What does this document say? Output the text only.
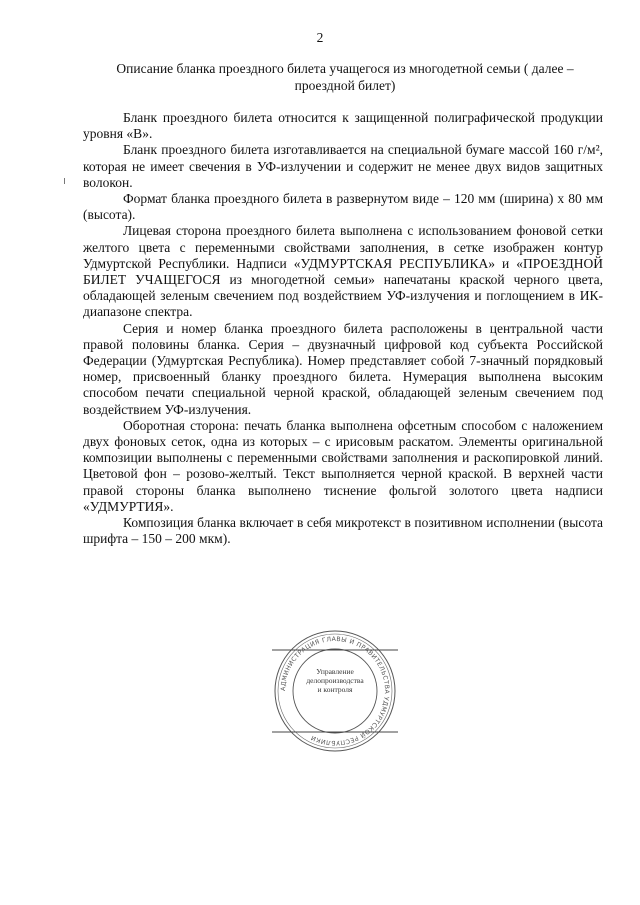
2
Описание бланка проездного билета учащегося из многодетной семьи ( далее – проездной билет)

Бланк проездного билета относится к защищенной полиграфической продукции уровня «В».

Бланк проездного билета изготавливается на специальной бумаге массой 160 г/м², которая не имеет свечения в УФ-излучении и содержит не менее двух видов защитных волокон.

Формат бланка проездного билета в развернутом виде – 120 мм (ширина) х 80 мм (высота).

Лицевая сторона проездного билета выполнена с использованием фоновой сетки желтого цвета с переменными свойствами заполнения, в сетке изображен контур Удмуртской Республики. Надписи «УДМУРТСКАЯ РЕСПУБЛИКА» и «ПРОЕЗДНОЙ БИЛЕТ УЧАЩЕГОСЯ из многодетной семьи» напечатаны краской черного цвета, обладающей зеленым свечением под воздействием УФ-излучения и поглощением в ИК-диапазоне спектра.

Серия и номер бланка проездного билета расположены в центральной части правой половины бланка. Серия – двузначный цифровой код субъекта Российской Федерации (Удмуртская Республика). Номер представляет собой 7-значный порядковый номер, присвоенный бланку проездного билета. Нумерация выполнена высоким способом печати специальной черной краской, обладающей зеленым свечением под воздействием УФ-излучения.

Оборотная сторона: печать бланка выполнена офсетным способом с наложением двух фоновых сеток, одна из которых – с ирисовым раскатом. Элементы оригинальной композиции выполнены с переменными свойствами заполнения и раскопировкой линий. Цветовой фон – розово-желтый. Текст выполняется черной краской. В верхней части правой стороны бланка выполнено тиснение фольгой золотого цвета надписи «УДМУРТИЯ».

Композиция бланка включает в себя микротекст в позитивном исполнении (высота шрифта – 150 – 200 мкм).

АДМИНИСТРАЦИЯ ГЛАВЫ И ПРАВИТЕЛЬСТВА УДМУРТСКОЙ РЕСПУБЛИКИ
Управление
делопроизводства
и контроля
